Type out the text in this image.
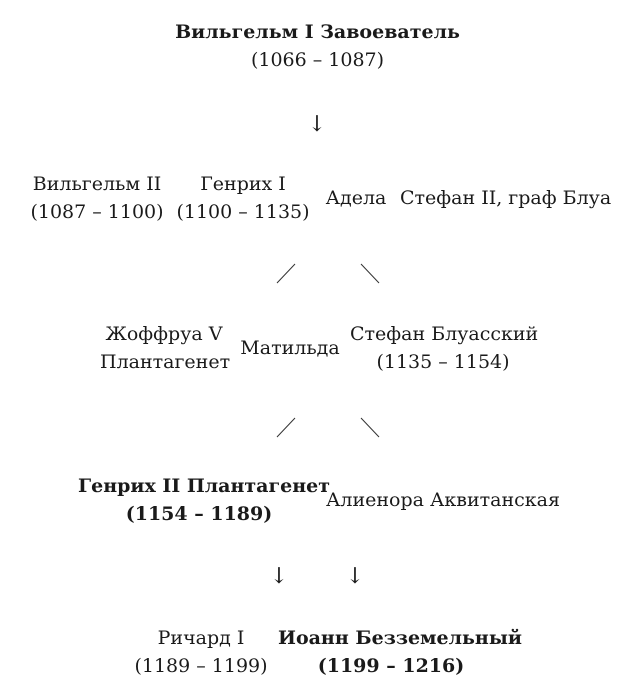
Вильгельм I Завоеватель
(1066 – 1087)
↓
Вильгельм II
(1087 – 1100)
Генрих I
(1100 – 1135)
Адела Стефан II, граф Блуа
Жоффруа V
Плантагенет
Матильда
Стефан Блуасский
(1135 – 1154)
Генрих II Плантагенет
(1154 – 1189)
Алиенора Аквитанская
↓	↓
Ричард I
(1189 – 1199)
Иоанн Безземельный
(1199 – 1216)
